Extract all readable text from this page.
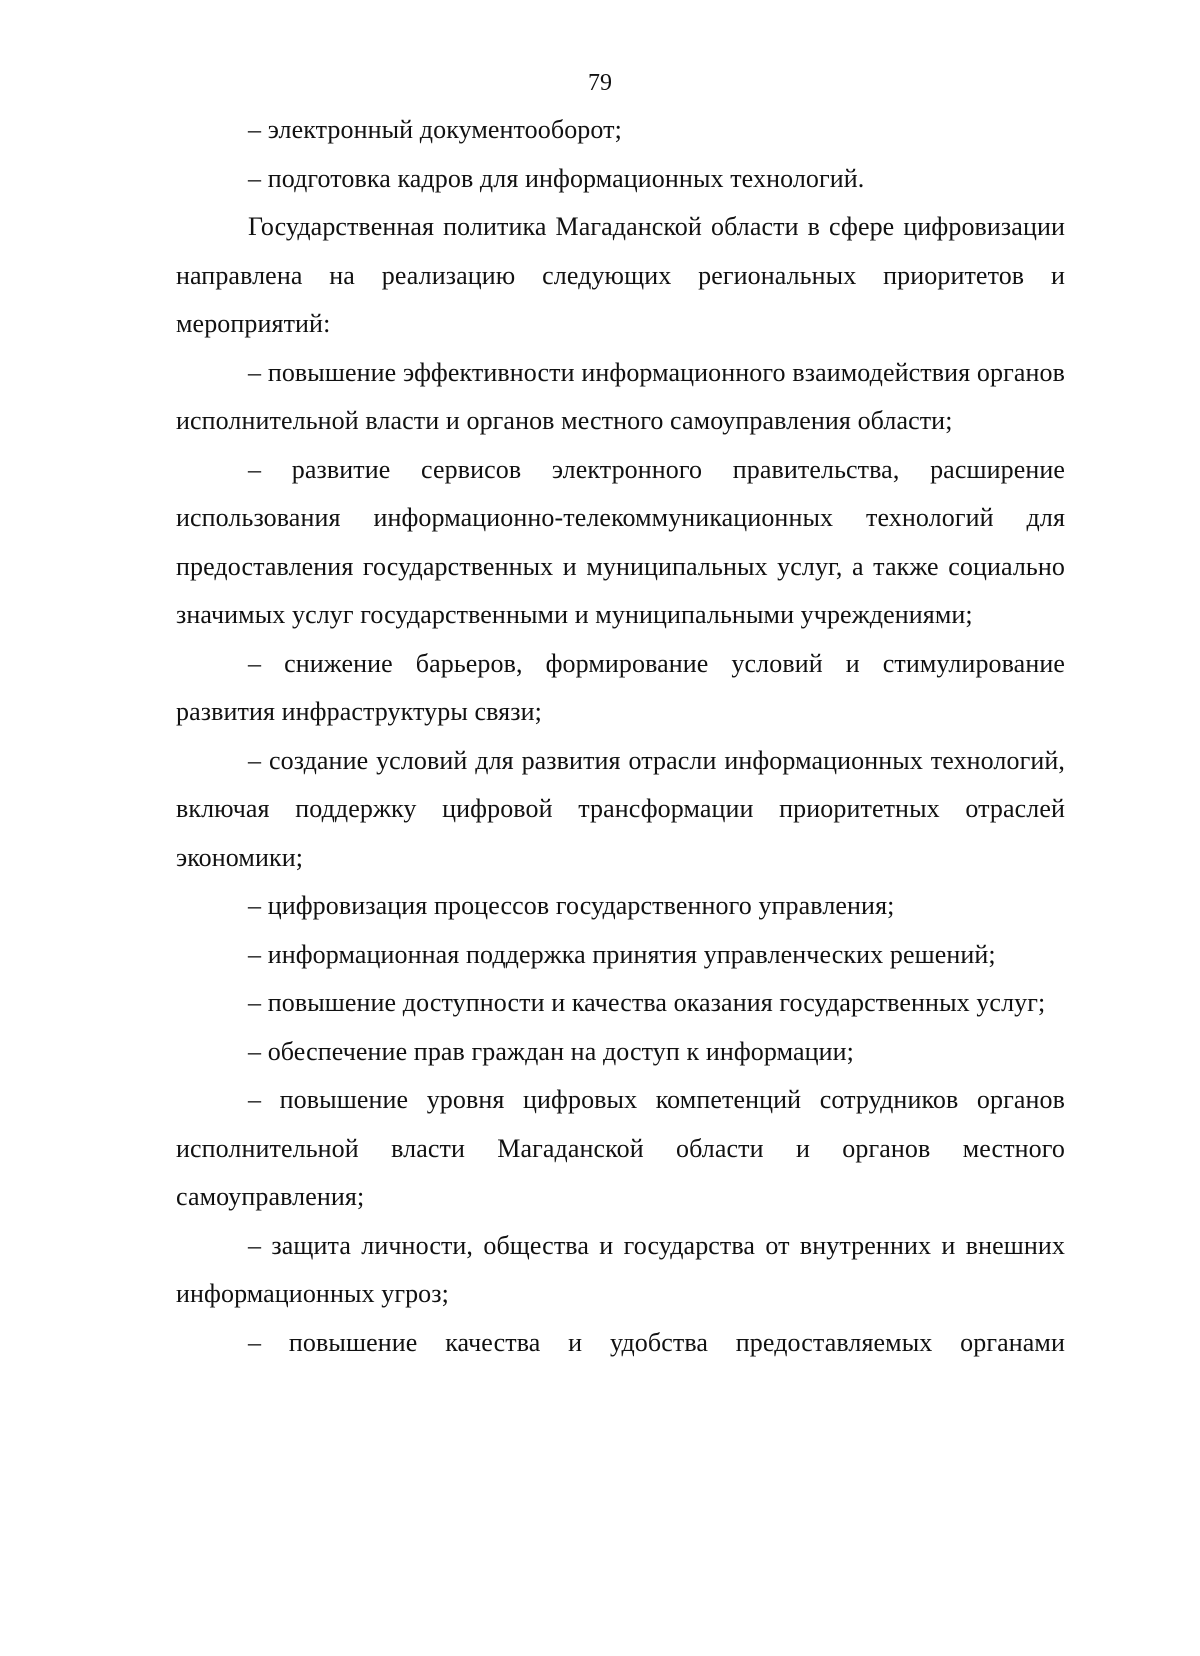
79

– электронный документооборот;

– подготовка кадров для информационных технологий.

Государственная политика Магаданской области в сфере цифровизации направлена на реализацию следующих региональных приоритетов и мероприятий:

– повышение эффективности информационного взаимодействия органов исполнительной власти и органов местного самоуправления области;

– развитие сервисов электронного правительства, расширение использования информационно-телекоммуникационных технологий для предоставления государственных и муниципальных услуг, а также социально значимых услуг государственными и муниципальными учреждениями;

– снижение барьеров, формирование условий и стимулирование развития инфраструктуры связи;

– создание условий для развития отрасли информационных технологий, включая поддержку цифровой трансформации приоритетных отраслей экономики;

– цифровизация процессов государственного управления;

– информационная поддержка принятия управленческих решений;

– повышение доступности и качества оказания государственных услуг;

– обеспечение прав граждан на доступ к информации;

– повышение уровня цифровых компетенций сотрудников органов исполнительной власти Магаданской области и органов местного самоуправления;

– защита личности, общества и государства от внутренних и внешних информационных угроз;

– повышение качества и удобства предоставляемых органами
